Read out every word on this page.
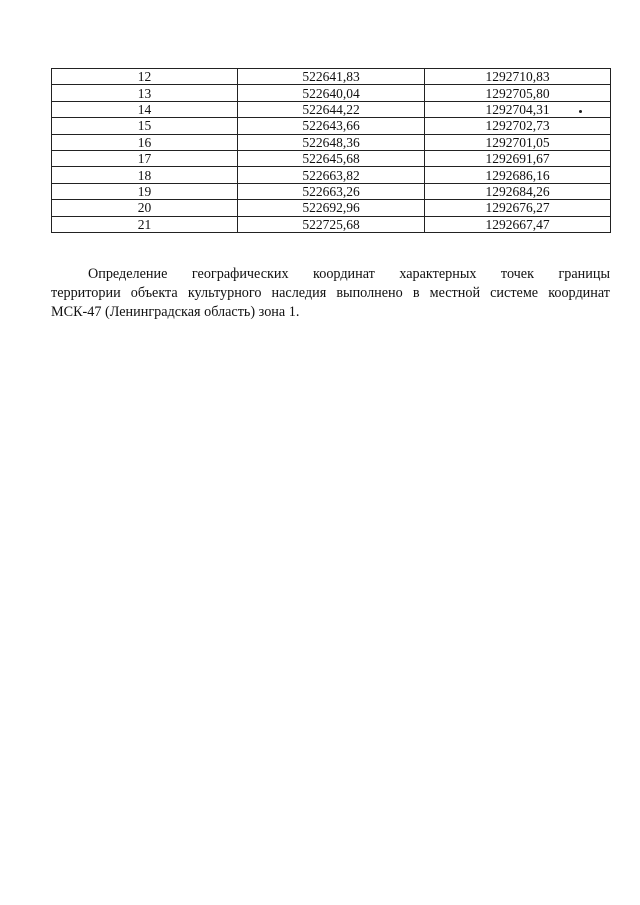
12	522641,83	1292710,83
13	522640,04	1292705,80
14	522644,22	1292704,31
15	522643,66	1292702,73
16	522648,36	1292701,05
17	522645,68	1292691,67
18	522663,82	1292686,16
19	522663,26	1292684,26
20	522692,96	1292676,27
21	522725,68	1292667,47

Определение географических координат характерных точек границы
территории объекта культурного наследия выполнено в местной системе координат
МСК-47 (Ленинградская область) зона 1.
